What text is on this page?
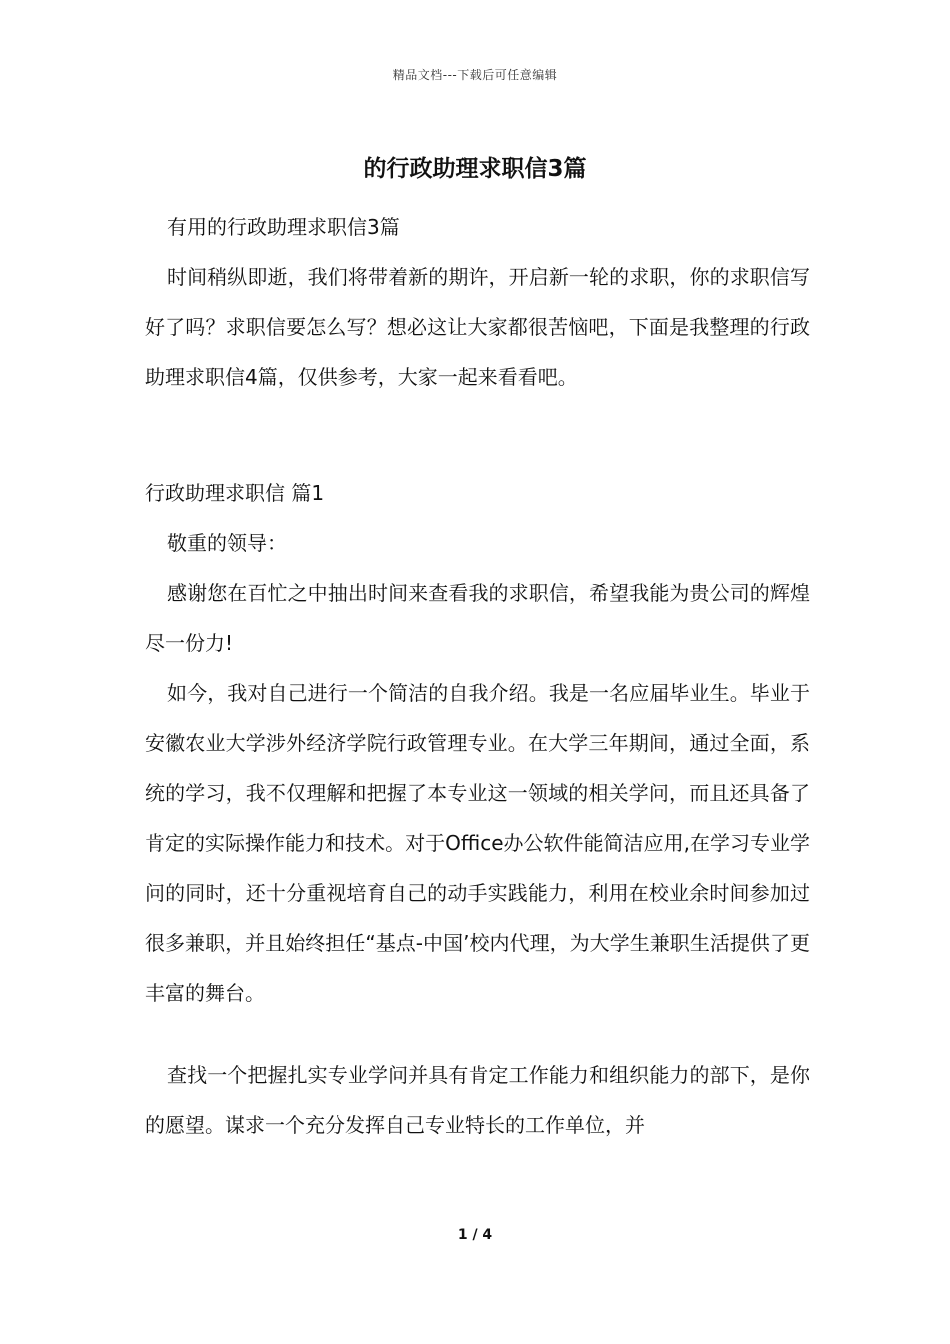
精品文档---下载后可任意编辑
的行政助理求职信3篇

有用的行政助理求职信3篇

时间稍纵即逝，我们将带着新的期许，开启新一轮的求职，你的求职信写好了吗？求职信要怎么写？想必这让大家都很苦恼吧，下面是我整理的行政助理求职信4篇，仅供参考，大家一起来看看吧。

行政助理求职信 篇1

敬重的领导：

感谢您在百忙之中抽出时间来查看我的求职信，希望我能为贵公司的辉煌尽一份力!

如今，我对自己进行一个简洁的自我介绍。我是一名应届毕业生。毕业于安徽农业大学涉外经济学院行政管理专业。在大学三年期间，通过全面，系统的学习，我不仅理解和把握了本专业这一领域的相关学问，而且还具备了肯定的实际操作能力和技术。对于Office办公软件能简洁应用,在学习专业学问的同时，还十分重视培育自己的动手实践能力，利用在校业余时间参加过很多兼职，并且始终担任“基点-中国’校内代理，为大学生兼职生活提供了更丰富的舞台。

查找一个把握扎实专业学问并具有肯定工作能力和组织能力的部下，是你的愿望。谋求一个充分发挥自己专业特长的工作单位，并

1 / 4
